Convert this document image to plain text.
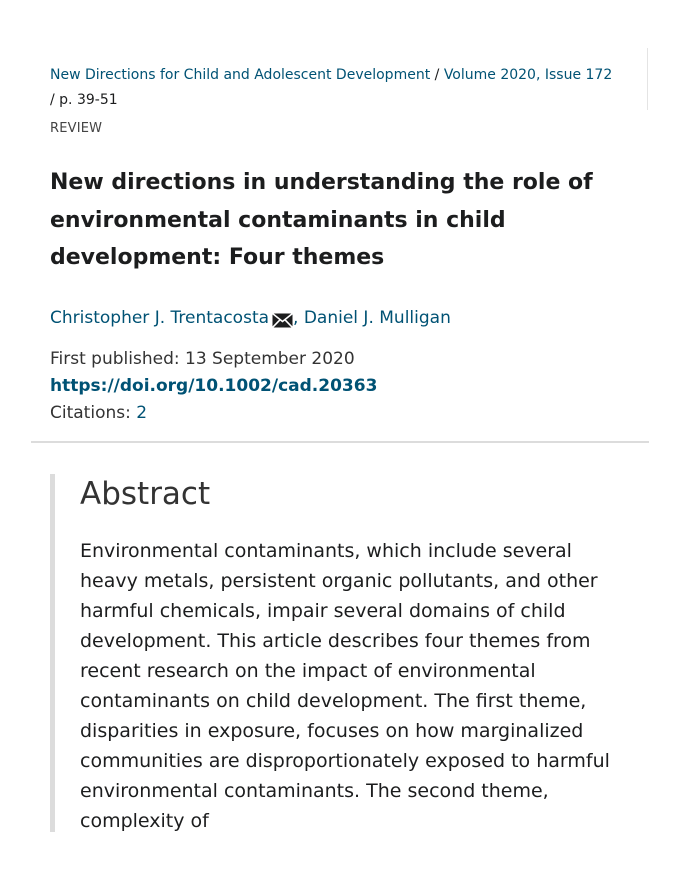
New Directions for Child and Adolescent Development / Volume 2020, Issue 172
/ p. 39-51
REVIEW
New directions in understanding the role of environmental contaminants in child development: Four themes
Christopher J. Trentacosta , Daniel J. Mulligan
First published: 13 September 2020
https://doi.org/10.1002/cad.20363
Citations: 2
Abstract

Environmental contaminants, which include several heavy metals, persistent organic pollutants, and other harmful chemicals, impair several domains of child development. This article describes four themes from recent research on the impact of environmental contaminants on child development. The first theme, disparities in exposure, focuses on how marginalized communities are disproportionately exposed to harmful environmental contaminants. The second theme, complexity of
